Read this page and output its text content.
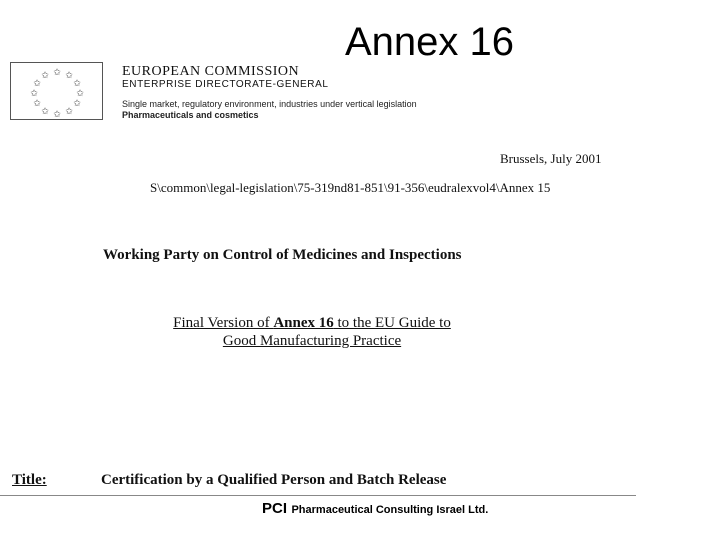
Annex 16
✩ ✩
✩
✩
✩
✩
✩
✩
✩
✩
✩
✩	EUROPEAN COMMISSION
ENTERPRISE DIRECTORATE-GENERAL
Single market, regulatory environment, industries under vertical legislation
Pharmaceuticals and cosmetics
Brussels, July 2001
S\common\legal-legislation\75-319nd81-851\91-356\eudralexvol4\Annex 15
Working Party on Control of Medicines and Inspections
Final Version of Annex 16 to the EU Guide to
Good Manufacturing Practice
Title:	Certification by a Qualified Person and Batch Release
PCI Pharmaceutical Consulting Israel Ltd.
